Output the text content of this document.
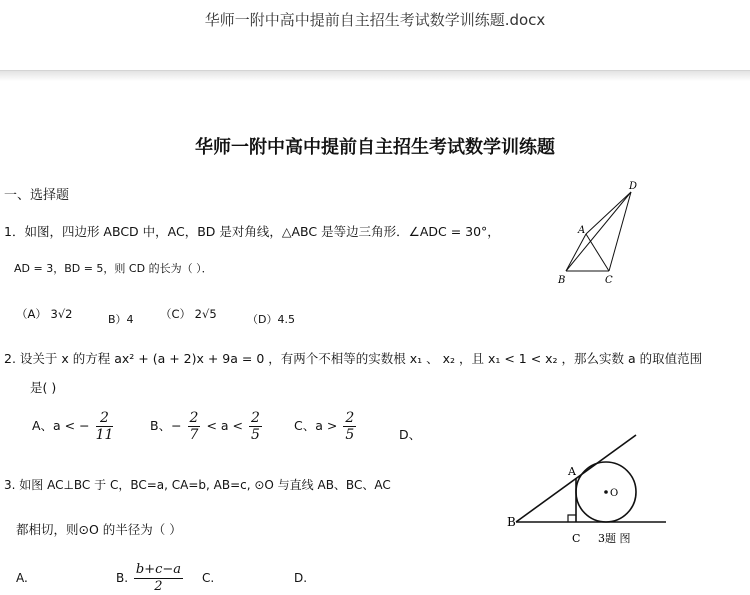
华师一附中高中提前自主招生考试数学训练题.docx
华师一附中高中提前自主招生考试数学训练题
一、选择题
1．如图，四边形 ABCD 中，AC，BD 是对角线，△ABC 是等边三角形．∠ADC = 30°，
AD = 3，BD = 5，则 CD 的长为（ ）．
（A） 3√2	B）4 （C） 2√5	（D）4.5
A
B	C
D
2. 设关于 x 的方程 ax² + (a + 2)x + 9a = 0 ，有两个不相等的实数根 x₁ 、 x₂ ，且 x₁ < 1 < x₂ ，那么实数 a 的取值范围
是( )
A、a < − $\frac{2}{11}$	B、− $\frac{2}{7} < a < \frac{2}{5}$	C、$a > \frac{2}{5}$	D、
3. 如图 AC⊥BC 于 C，BC=a, CA=b, AB=c, ⊙O 与直线 AB、BC、AC
都相切，则⊙O 的半径为（ ）
A.	B. $\frac{b+c-a}{2} C$.	D.
A
B
C
O
3题 图
